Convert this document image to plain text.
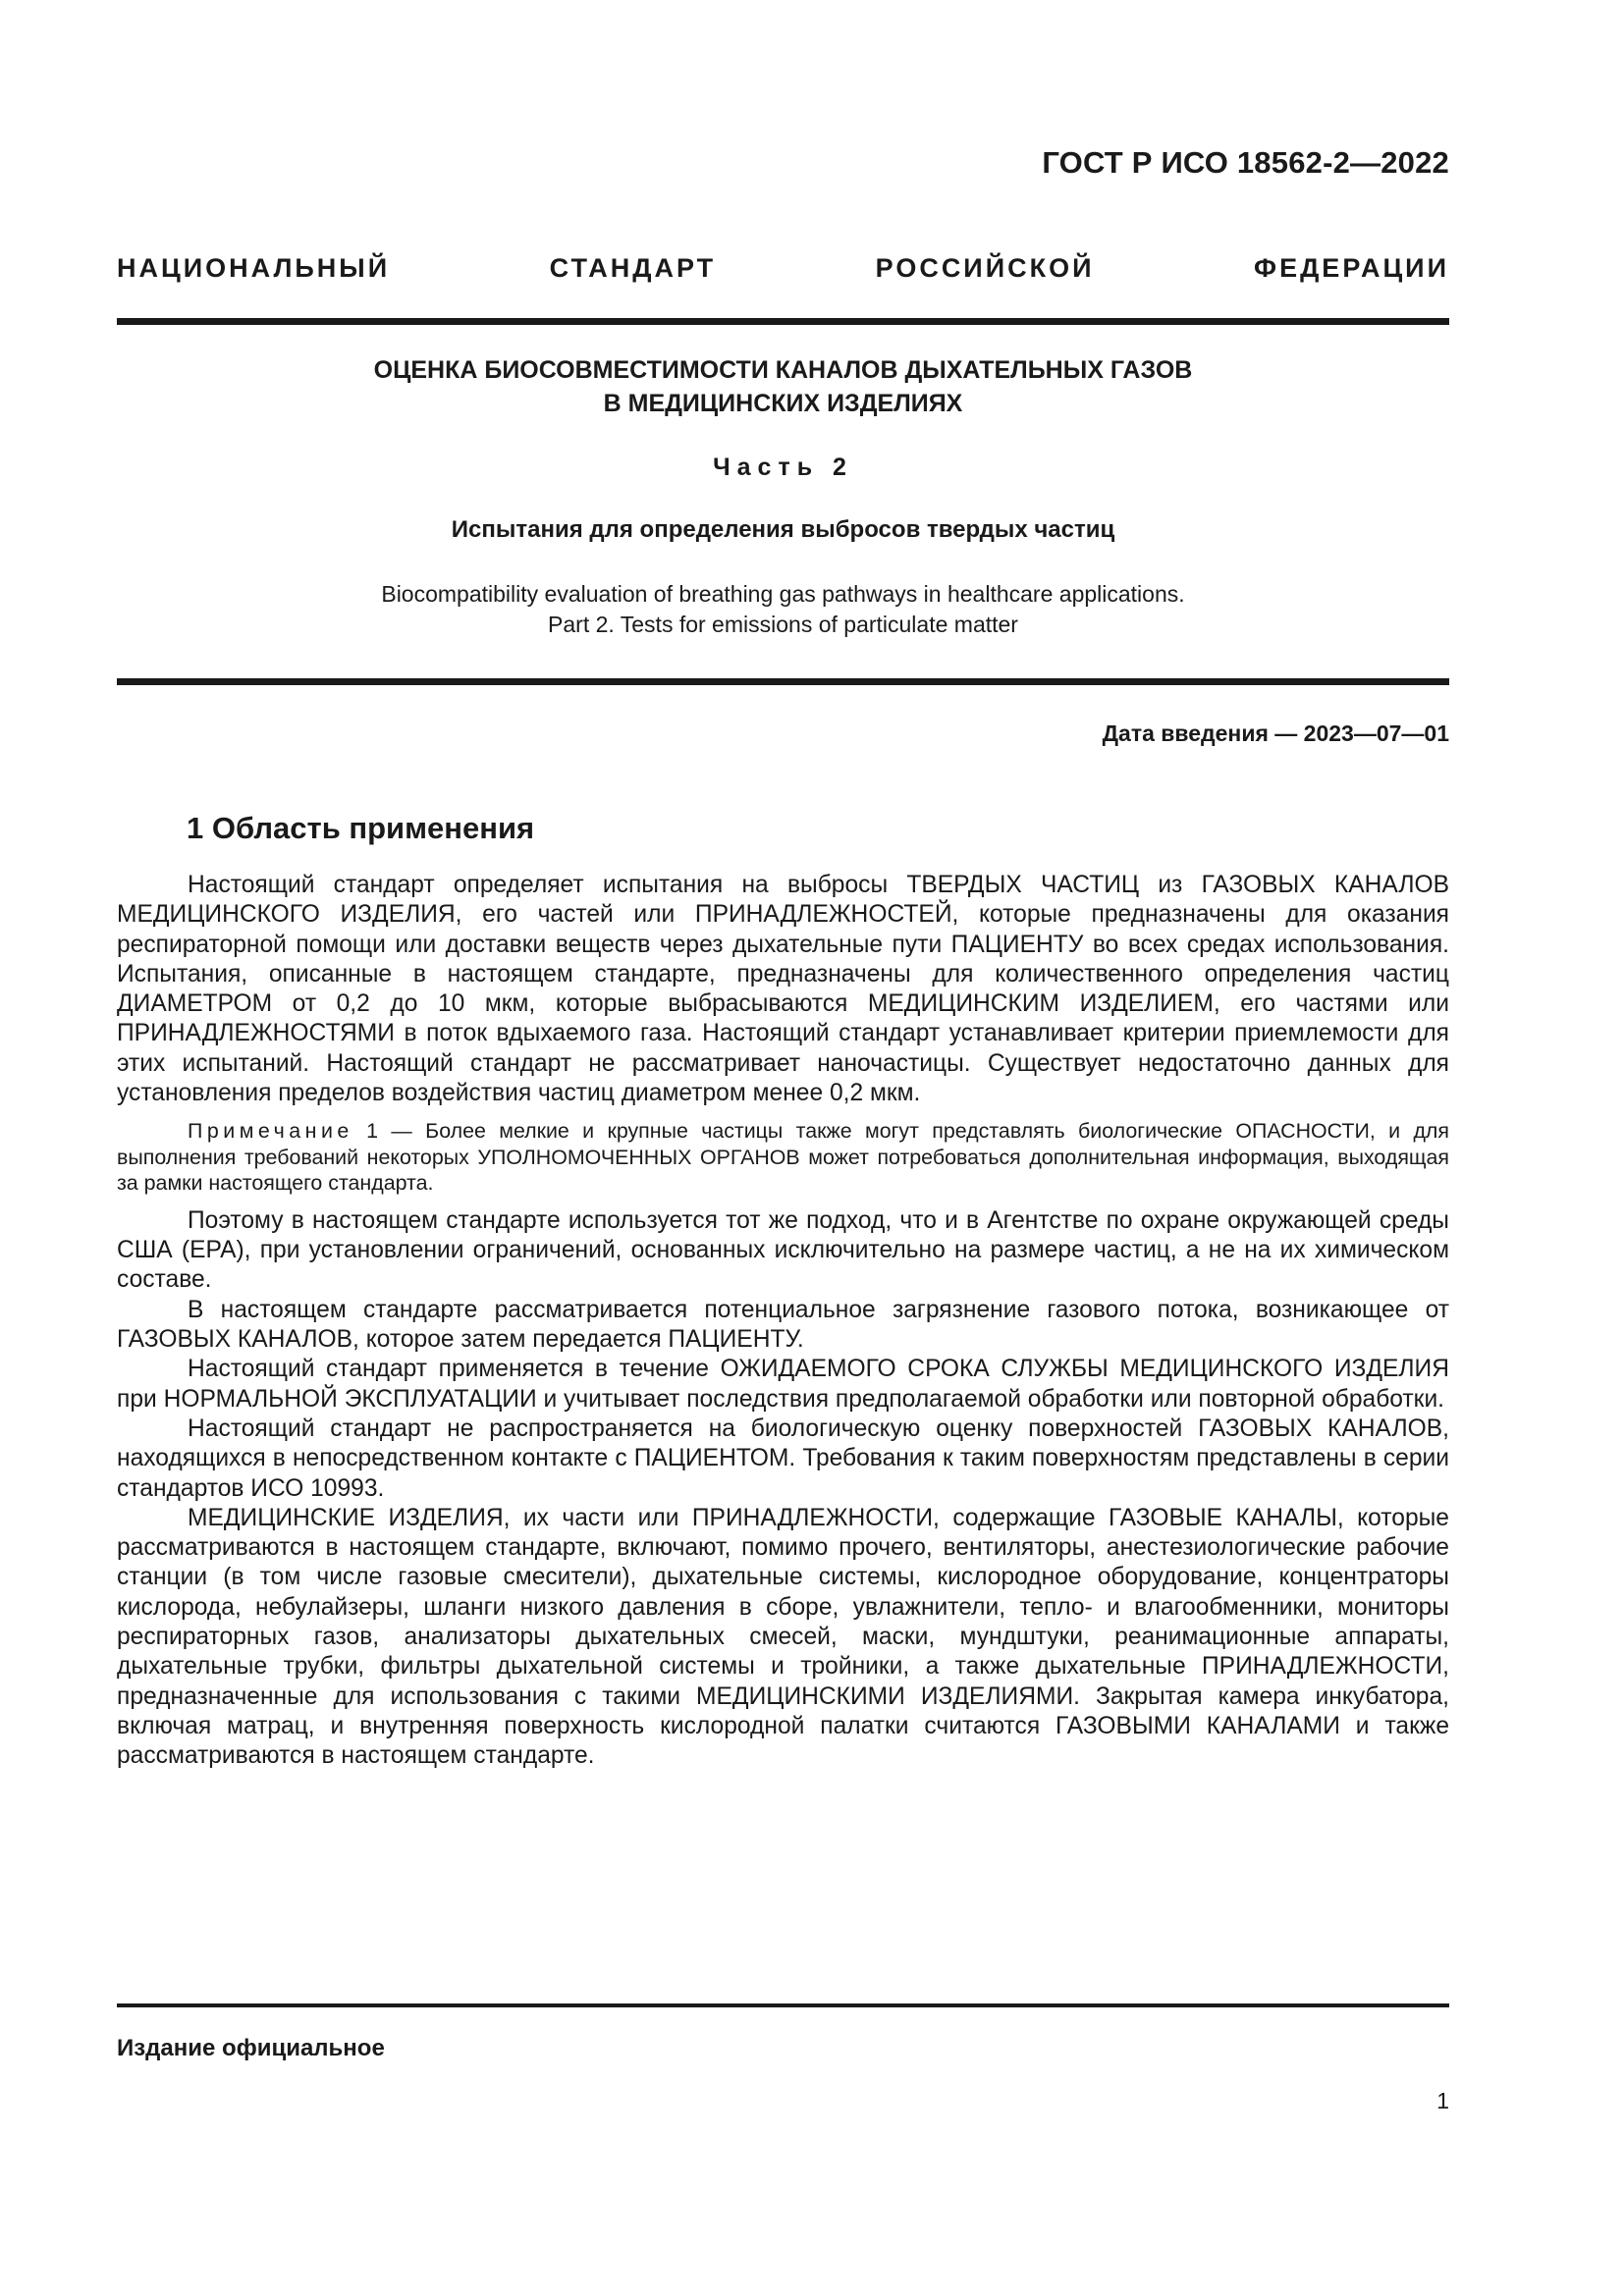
ГОСТ Р ИСО 18562-2—2022
НАЦИОНАЛЬНЫЙ СТАНДАРТ РОССИЙСКОЙ ФЕДЕРАЦИИ
ОЦЕНКА БИОСОВМЕСТИМОСТИ КАНАЛОВ ДЫХАТЕЛЬНЫХ ГАЗОВ
В МЕДИЦИНСКИХ ИЗДЕЛИЯХ
Часть 2
Испытания для определения выбросов твердых частиц
Biocompatibility evaluation of breathing gas pathways in healthcare applications.
Part 2. Tests for emissions of particulate matter
Дата введения — 2023—07—01
1 Область применения

Настоящий стандарт определяет испытания на выбросы ТВЕРДЫХ ЧАСТИЦ из ГАЗОВЫХ КАНАЛОВ МЕДИЦИНСКОГО ИЗДЕЛИЯ, его частей или ПРИНАДЛЕЖНОСТЕЙ, которые предназначены для оказания респираторной помощи или доставки веществ через дыхательные пути ПАЦИЕНТУ во всех средах использования. Испытания, описанные в настоящем стандарте, предназначены для количественного определения частиц ДИАМЕТРОМ от 0,2 до 10 мкм, которые выбрасываются МЕДИЦИНСКИМ ИЗДЕЛИЕМ, его частями или ПРИНАДЛЕЖНОСТЯМИ в поток вдыхаемого газа. Настоящий стандарт устанавливает критерии приемлемости для этих испытаний. Настоящий стандарт не рассматривает наночастицы. Существует недостаточно данных для установления пределов воздействия частиц диаметром менее 0,2 мкм.

Примечание 1 — Более мелкие и крупные частицы также могут представлять биологические ОПАСНОСТИ, и для выполнения требований некоторых УПОЛНОМОЧЕННЫХ ОРГАНОВ может потребоваться дополнительная информация, выходящая за рамки настоящего стандарта.

Поэтому в настоящем стандарте используется тот же подход, что и в Агентстве по охране окружающей среды США (EPA), при установлении ограничений, основанных исключительно на размере частиц, а не на их химическом составе.

В настоящем стандарте рассматривается потенциальное загрязнение газового потока, возникающее от ГАЗОВЫХ КАНАЛОВ, которое затем передается ПАЦИЕНТУ.

Настоящий стандарт применяется в течение ОЖИДАЕМОГО СРОКА СЛУЖБЫ МЕДИЦИНСКОГО ИЗДЕЛИЯ при НОРМАЛЬНОЙ ЭКСПЛУАТАЦИИ и учитывает последствия предполагаемой обработки или повторной обработки.

Настоящий стандарт не распространяется на биологическую оценку поверхностей ГАЗОВЫХ КАНАЛОВ, находящихся в непосредственном контакте с ПАЦИЕНТОМ. Требования к таким поверхностям представлены в серии стандартов ИСО 10993.

МЕДИЦИНСКИЕ ИЗДЕЛИЯ, их части или ПРИНАДЛЕЖНОСТИ, содержащие ГАЗОВЫЕ КАНАЛЫ, которые рассматриваются в настоящем стандарте, включают, помимо прочего, вентиляторы, анестезиологические рабочие станции (в том числе газовые смесители), дыхательные системы, кислородное оборудование, концентраторы кислорода, небулайзеры, шланги низкого давления в сборе, увлажнители, тепло- и влагообменники, мониторы респираторных газов, анализаторы дыхательных смесей, маски, мундштуки, реанимационные аппараты, дыхательные трубки, фильтры дыхательной системы и тройники, а также дыхательные ПРИНАДЛЕЖНОСТИ, предназначенные для использования с такими МЕДИЦИНСКИМИ ИЗДЕЛИЯМИ. Закрытая камера инкубатора, включая матрац, и внутренняя поверхность кислородной палатки считаются ГАЗОВЫМИ КАНАЛАМИ и также рассматриваются в настоящем стандарте.

Издание официальное
1
